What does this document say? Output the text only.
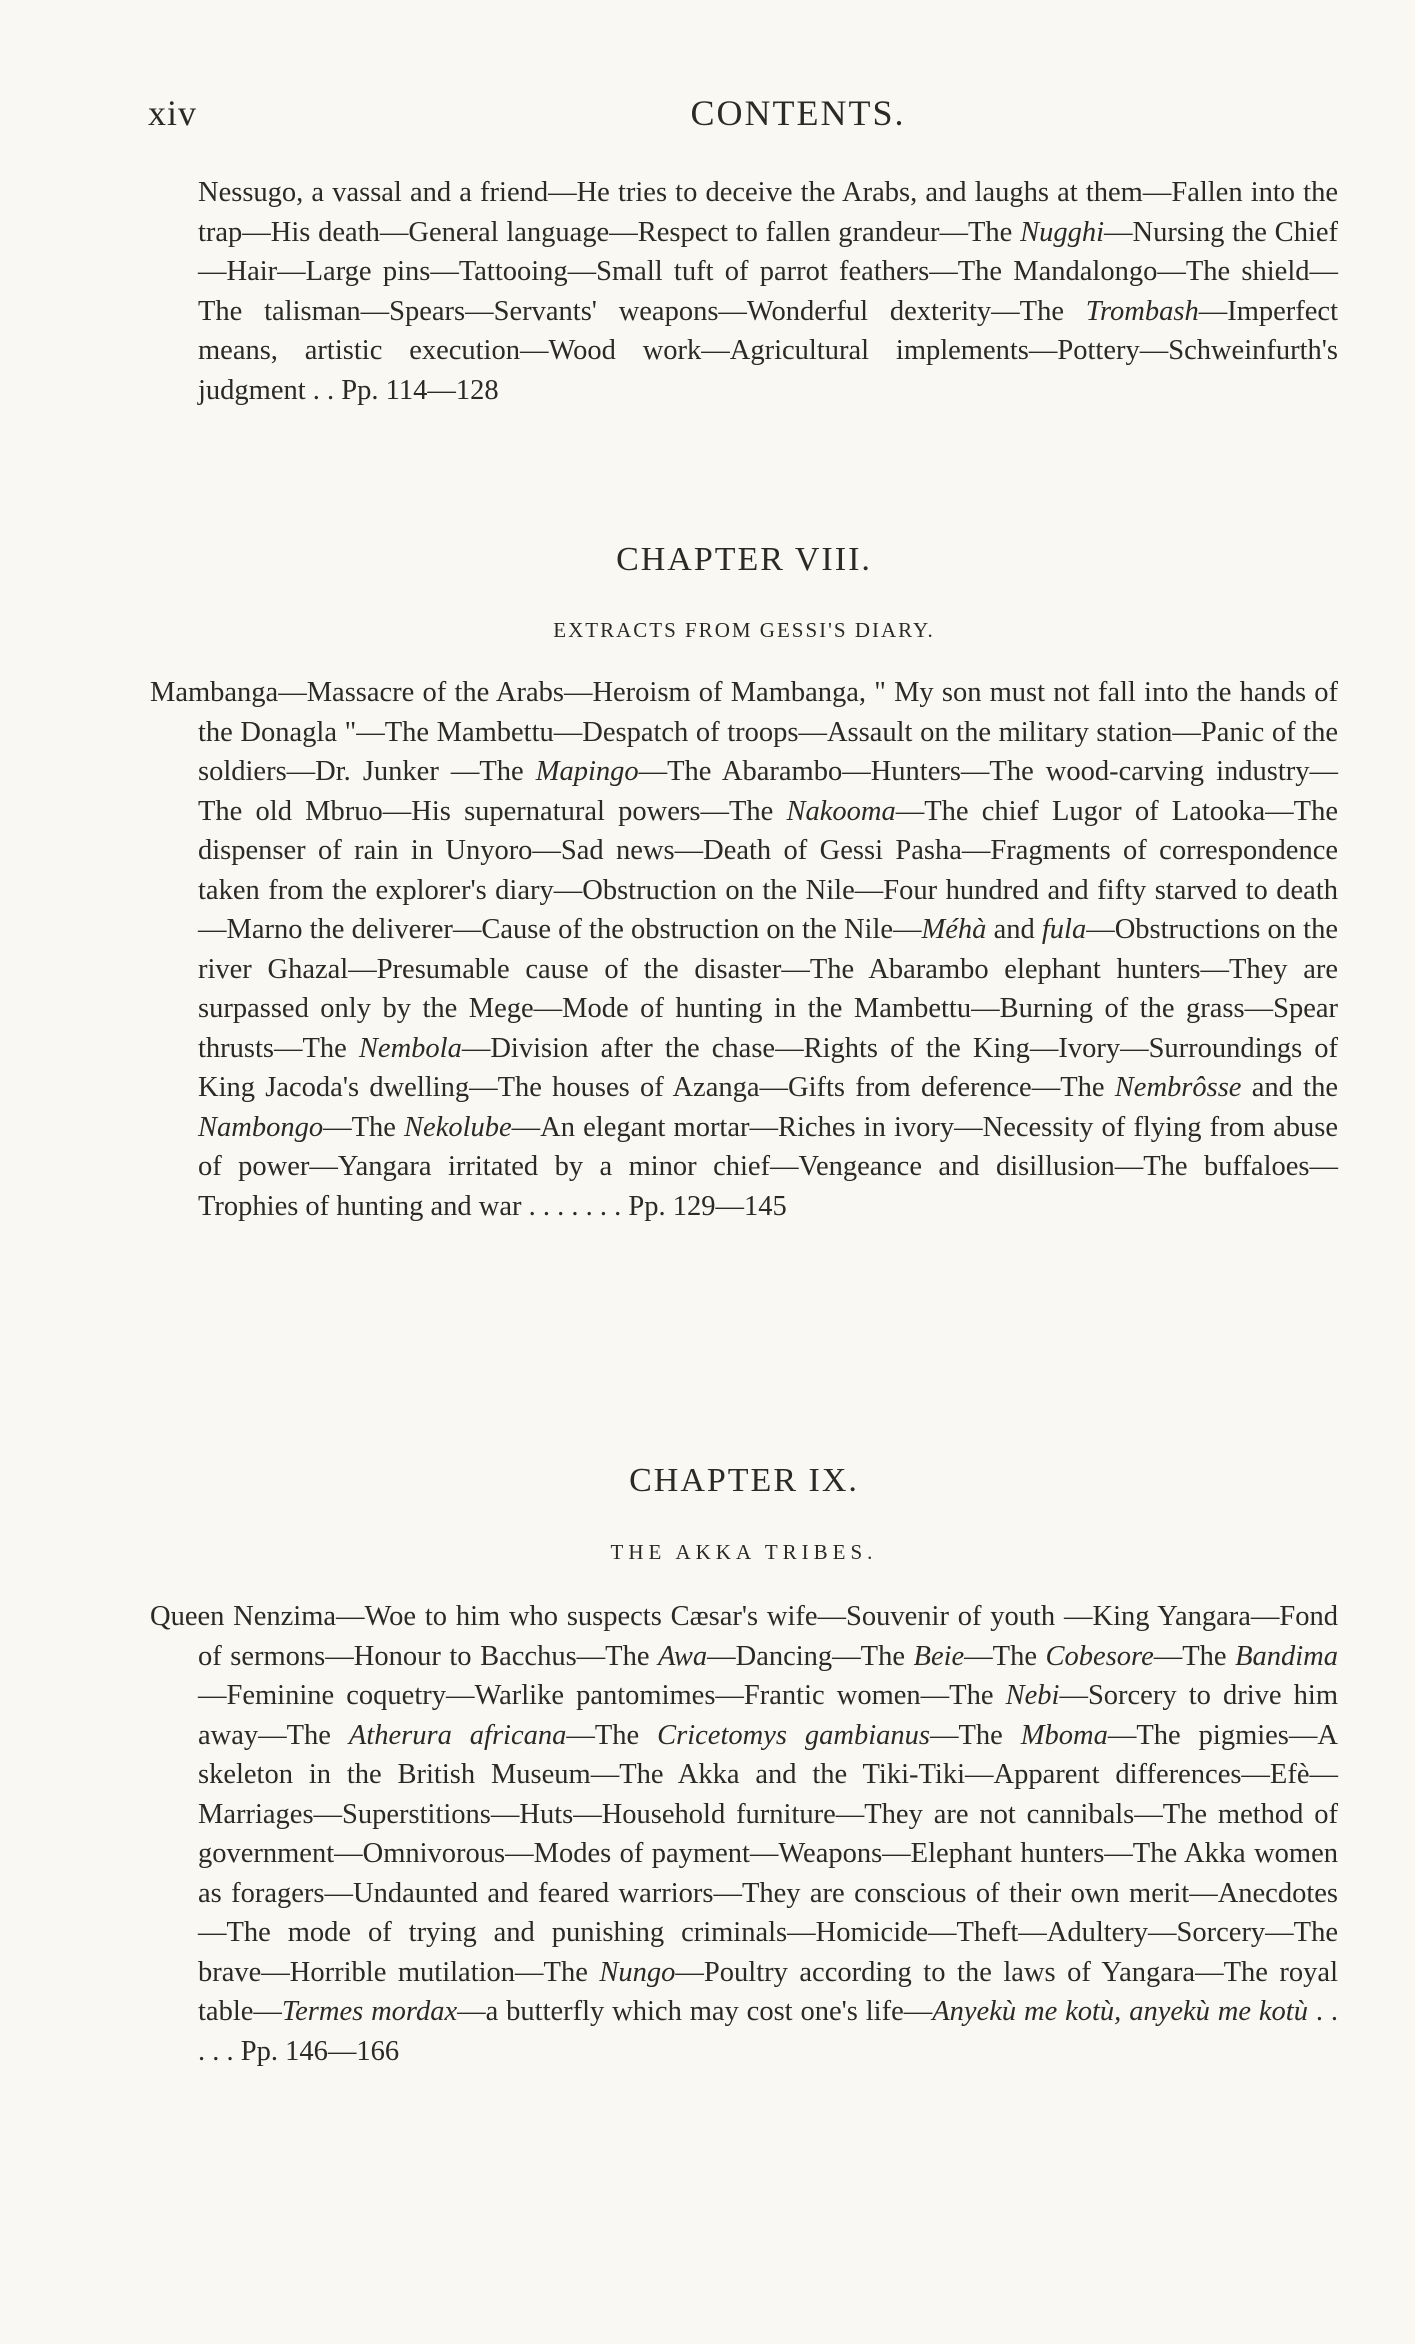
xiv	CONTENTS.

Nessugo, a vassal and a friend—He tries to deceive the Arabs, and laughs at them—Fallen into the trap—His death—General language—Respect to fallen grandeur—The Nugghi—Nursing the Chief—Hair—Large pins—Tattooing—Small tuft of parrot feathers—The Mandalongo—The shield—The talisman—Spears—Servants' weapons—Wonderful dexterity—The Trombash—Imperfect means, artistic execution—Wood work—Agricultural implements—Pottery—Schweinfurth's judgment . . Pp. 114—128

CHAPTER VIII.
EXTRACTS FROM GESSI'S DIARY.

Mambanga—Massacre of the Arabs—Heroism of Mambanga, " My son must not fall into the hands of the Donagla "—The Mambettu—Despatch of troops—Assault on the military station—Panic of the soldiers—Dr. Junker —The Mapingo—The Abarambo—Hunters—The wood-carving industry—The old Mbruo—His supernatural powers—The Nakooma—The chief Lugor of Latooka—The dispenser of rain in Unyoro—Sad news—Death of Gessi Pasha—Fragments of correspondence taken from the explorer's diary—Obstruction on the Nile—Four hundred and fifty starved to death—Marno the deliverer—Cause of the obstruction on the Nile—Méhà and fula—Obstructions on the river Ghazal—Presumable cause of the disaster—The Abarambo elephant hunters—They are surpassed only by the Mege—Mode of hunting in the Mambettu—Burning of the grass—Spear thrusts—The Nembola—Division after the chase—Rights of the King—Ivory—Surroundings of King Jacoda's dwelling—The houses of Azanga—Gifts from deference—The Nembrôsse and the Nambongo—The Nekolube—An elegant mortar—Riches in ivory—Necessity of flying from abuse of power—Yangara irritated by a minor chief—Vengeance and disillusion—The buffaloes—Trophies of hunting and war . . . . . . . Pp. 129—145

CHAPTER IX.
THE AKKA TRIBES.

Queen Nenzima—Woe to him who suspects Cæsar's wife—Souvenir of youth —King Yangara—Fond of sermons—Honour to Bacchus—The Awa—Dancing—The Beie—The Cobesore—The Bandima—Feminine coquetry—Warlike pantomimes—Frantic women—The Nebi—Sorcery to drive him away—The Atherura africana—The Cricetomys gambianus—The Mboma—The pigmies—A skeleton in the British Museum—The Akka and the Tiki-Tiki—Apparent differences—Efè—Marriages—Superstitions—Huts—Household furniture—They are not cannibals—The method of government—Omnivorous—Modes of payment—Weapons—Elephant hunters—The Akka women as foragers—Undaunted and feared warriors—They are conscious of their own merit—Anecdotes—The mode of trying and punishing criminals—Homicide—Theft—Adultery—Sorcery—The brave—Horrible mutilation—The Nungo—Poultry according to the laws of Yangara—The royal table—Termes mordax—a butterfly which may cost one's life—Anyekù me kotù, anyekù me kotù . . . . . Pp. 146—166
